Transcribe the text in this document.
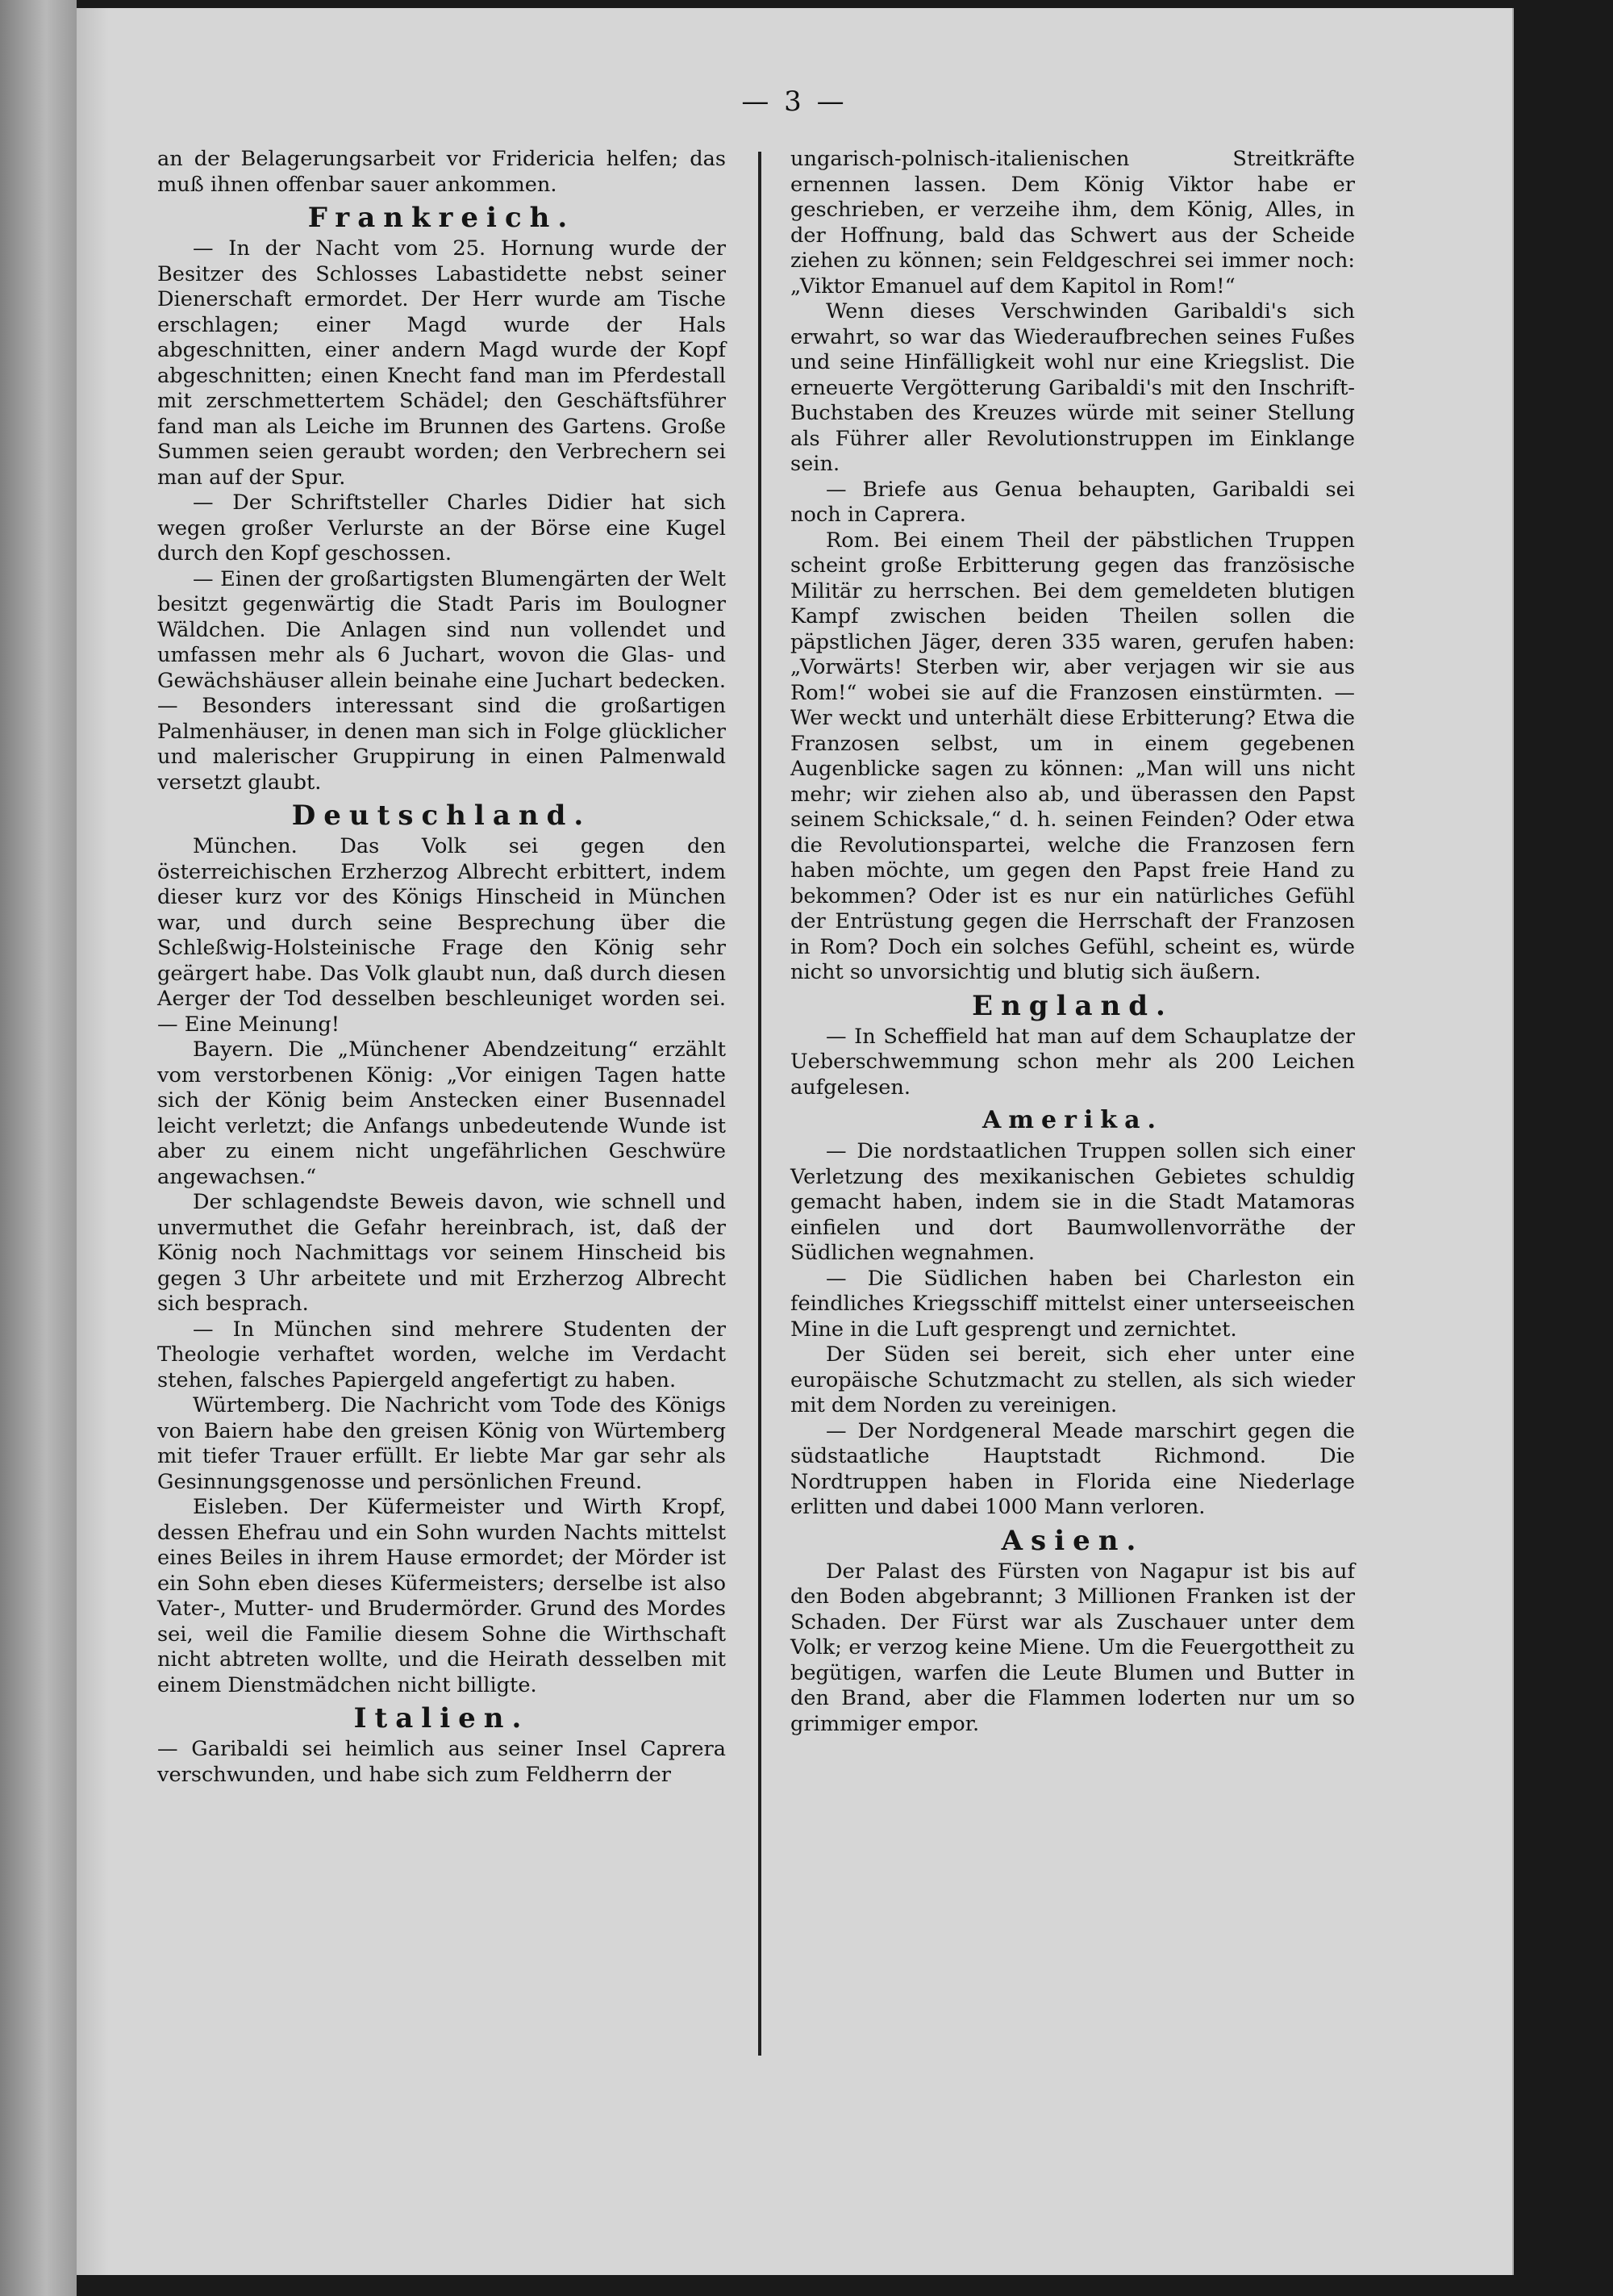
— 3 —
an der Belagerungsarbeit vor Fridericia helfen; das muß ihnen offenbar sauer ankommen.
Frankreich.
— In der Nacht vom 25. Hornung wurde der Besitzer des Schlosses Labastidette nebst seiner Dienerschaft ermordet. Der Herr wurde am Tische erschlagen; einer Magd wurde der Hals abgeschnitten, einer andern Magd wurde der Kopf abgeschnitten; einen Knecht fand man im Pferdestall mit zerschmettertem Schädel; den Geschäftsführer fand man als Leiche im Brunnen des Gartens. Große Summen seien geraubt worden; den Verbrechern sei man auf der Spur.
— Der Schriftsteller Charles Didier hat sich wegen großer Verlurste an der Börse eine Kugel durch den Kopf geschossen.
— Einen der großartigsten Blumengärten der Welt besitzt gegenwärtig die Stadt Paris im Boulogner Wäldchen. Die Anlagen sind nun vollendet und umfassen mehr als 6 Juchart, wovon die Glas- und Gewächshäuser allein beinahe eine Juchart bedecken. — Besonders interessant sind die großartigen Palmenhäuser, in denen man sich in Folge glücklicher und malerischer Gruppirung in einen Palmenwald versetzt glaubt.
Deutschland.
München. Das Volk sei gegen den österreichischen Erzherzog Albrecht erbittert, indem dieser kurz vor des Königs Hinscheid in München war, und durch seine Besprechung über die Schleßwig-Holsteinische Frage den König sehr geärgert habe. Das Volk glaubt nun, daß durch diesen Aerger der Tod desselben beschleuniget worden sei. — Eine Meinung!
Bayern. Die „Münchener Abendzeitung“ erzählt vom verstorbenen König: „Vor einigen Tagen hatte sich der König beim Anstecken einer Busennadel leicht verletzt; die Anfangs unbedeutende Wunde ist aber zu einem nicht ungefährlichen Geschwüre angewachsen.“
Der schlagendste Beweis davon, wie schnell und unvermuthet die Gefahr hereinbrach, ist, daß der König noch Nachmittags vor seinem Hinscheid bis gegen 3 Uhr arbeitete und mit Erzherzog Albrecht sich besprach.
— In München sind mehrere Studenten der Theologie verhaftet worden, welche im Verdacht stehen, falsches Papiergeld angefertigt zu haben.
Würtemberg. Die Nachricht vom Tode des Königs von Baiern habe den greisen König von Würtemberg mit tiefer Trauer erfüllt. Er liebte Mar gar sehr als Gesinnungsgenosse und persönlichen Freund.
Eisleben. Der Küfermeister und Wirth Kropf, dessen Ehefrau und ein Sohn wurden Nachts mittelst eines Beiles in ihrem Hause ermordet; der Mörder ist ein Sohn eben dieses Küfermeisters; derselbe ist also Vater-, Mutter- und Brudermörder. Grund des Mordes sei, weil die Familie diesem Sohne die Wirthschaft nicht abtreten wollte, und die Heirath desselben mit einem Dienstmädchen nicht billigte.
Italien.
— Garibaldi sei heimlich aus seiner Insel Caprera verschwunden, und habe sich zum Feldherrn der
ungarisch-polnisch-italienischen Streitkräfte ernennen lassen. Dem König Viktor habe er geschrieben, er verzeihe ihm, dem König, Alles, in der Hoffnung, bald das Schwert aus der Scheide ziehen zu können; sein Feldgeschrei sei immer noch: „Viktor Emanuel auf dem Kapitol in Rom!“
Wenn dieses Verschwinden Garibaldi's sich erwahrt, so war das Wiederaufbrechen seines Fußes und seine Hinfälligkeit wohl nur eine Kriegslist. Die erneuerte Vergötterung Garibaldi's mit den Inschrift-Buchstaben des Kreuzes würde mit seiner Stellung als Führer aller Revolutionstruppen im Einklange sein.
— Briefe aus Genua behaupten, Garibaldi sei noch in Caprera.
Rom. Bei einem Theil der päbstlichen Truppen scheint große Erbitterung gegen das französische Militär zu herrschen. Bei dem gemeldeten blutigen Kampf zwischen beiden Theilen sollen die päpstlichen Jäger, deren 335 waren, gerufen haben: „Vorwärts! Sterben wir, aber verjagen wir sie aus Rom!“ wobei sie auf die Franzosen einstürmten. — Wer weckt und unterhält diese Erbitterung? Etwa die Franzosen selbst, um in einem gegebenen Augenblicke sagen zu können: „Man will uns nicht mehr; wir ziehen also ab, und überassen den Papst seinem Schicksale,“ d. h. seinen Feinden? Oder etwa die Revolutionspartei, welche die Franzosen fern haben möchte, um gegen den Papst freie Hand zu bekommen? Oder ist es nur ein natürliches Gefühl der Entrüstung gegen die Herrschaft der Franzosen in Rom? Doch ein solches Gefühl, scheint es, würde nicht so unvorsichtig und blutig sich äußern.
England.
— In Scheffield hat man auf dem Schauplatze der Ueberschwemmung schon mehr als 200 Leichen aufgelesen.
Amerika.
— Die nordstaatlichen Truppen sollen sich einer Verletzung des mexikanischen Gebietes schuldig gemacht haben, indem sie in die Stadt Matamoras einfielen und dort Baumwollenvorräthe der Südlichen wegnahmen.
— Die Südlichen haben bei Charleston ein feindliches Kriegsschiff mittelst einer unterseeischen Mine in die Luft gesprengt und zernichtet.
Der Süden sei bereit, sich eher unter eine europäische Schutzmacht zu stellen, als sich wieder mit dem Norden zu vereinigen.
— Der Nordgeneral Meade marschirt gegen die südstaatliche Hauptstadt Richmond. Die Nordtruppen haben in Florida eine Niederlage erlitten und dabei 1000 Mann verloren.
Asien.
Der Palast des Fürsten von Nagapur ist bis auf den Boden abgebrannt; 3 Millionen Franken ist der Schaden. Der Fürst war als Zuschauer unter dem Volk; er verzog keine Miene. Um die Feuergottheit zu begütigen, warfen die Leute Blumen und Butter in den Brand, aber die Flammen loderten nur um so grimmiger empor.
